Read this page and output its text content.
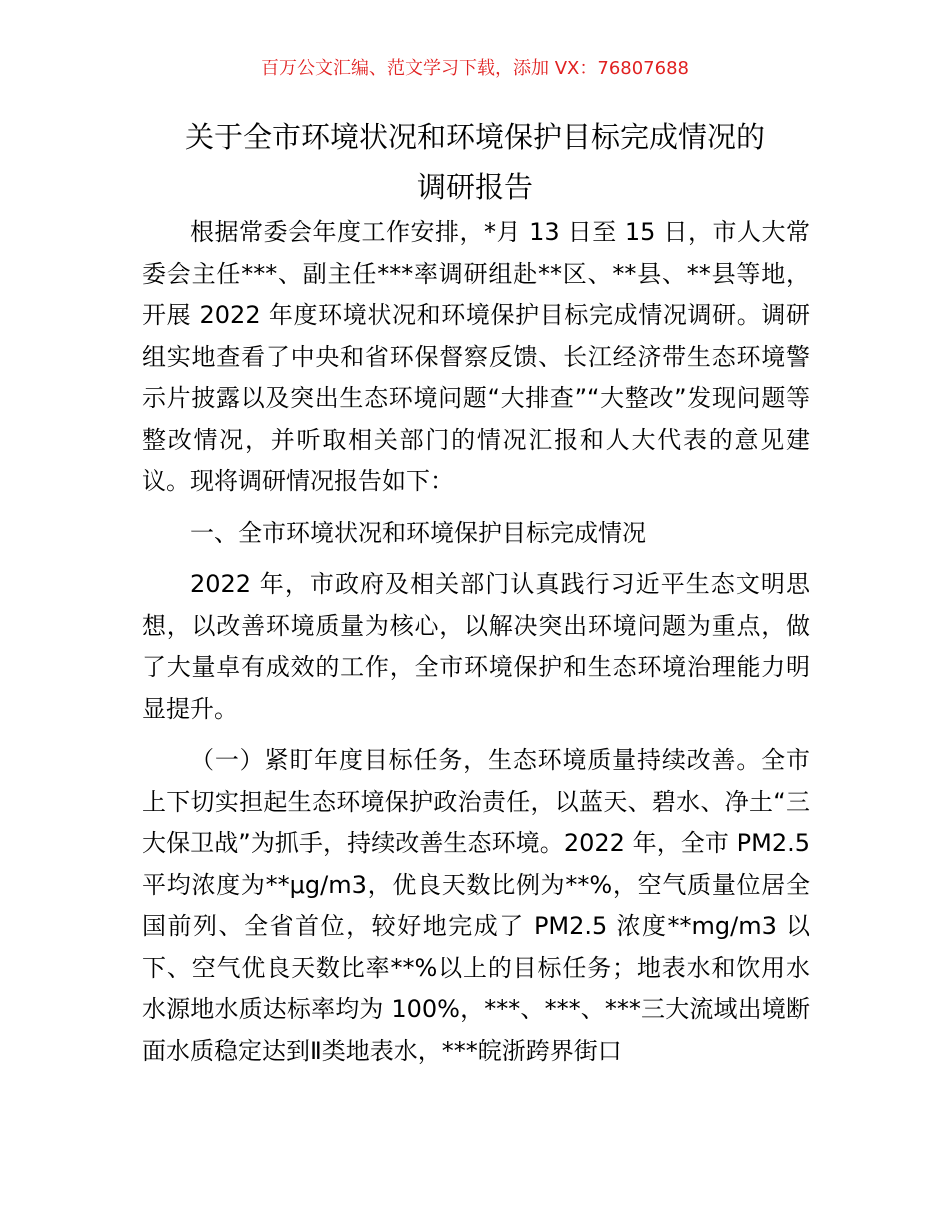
百万公文汇编、范文学习下载，添加 VX：76807688
关于全市环境状况和环境保护目标完成情况的
调研报告

根据常委会年度工作安排，*月 13 日至 15 日，市人大常委会主任***、副主任***率调研组赴**区、**县、**县等地，开展 2022 年度环境状况和环境保护目标完成情况调研。调研组实地查看了中央和省环保督察反馈、长江经济带生态环境警示片披露以及突出生态环境问题“大排查”“大整改”发现问题等整改情况，并听取相关部门的情况汇报和人大代表的意见建议。现将调研情况报告如下：

一、全市环境状况和环境保护目标完成情况

2022 年，市政府及相关部门认真践行习近平生态文明思想，以改善环境质量为核心，以解决突出环境问题为重点，做了大量卓有成效的工作，全市环境保护和生态环境治理能力明显提升。

（一）紧盯年度目标任务，生态环境质量持续改善。全市上下切实担起生态环境保护政治责任，以蓝天、碧水、净土“三大保卫战”为抓手，持续改善生态环境。2022 年，全市 PM2.5 平均浓度为**μg/m3，优良天数比例为**%，空气质量位居全国前列、全省首位，较好地完成了 PM2.5 浓度**mg/m3 以下、空气优良天数比率**%以上的目标任务；地表水和饮用水水源地水质达标率均为 100%，***、***、***三大流域出境断面水质稳定达到Ⅱ类地表水，***皖浙跨界街口
